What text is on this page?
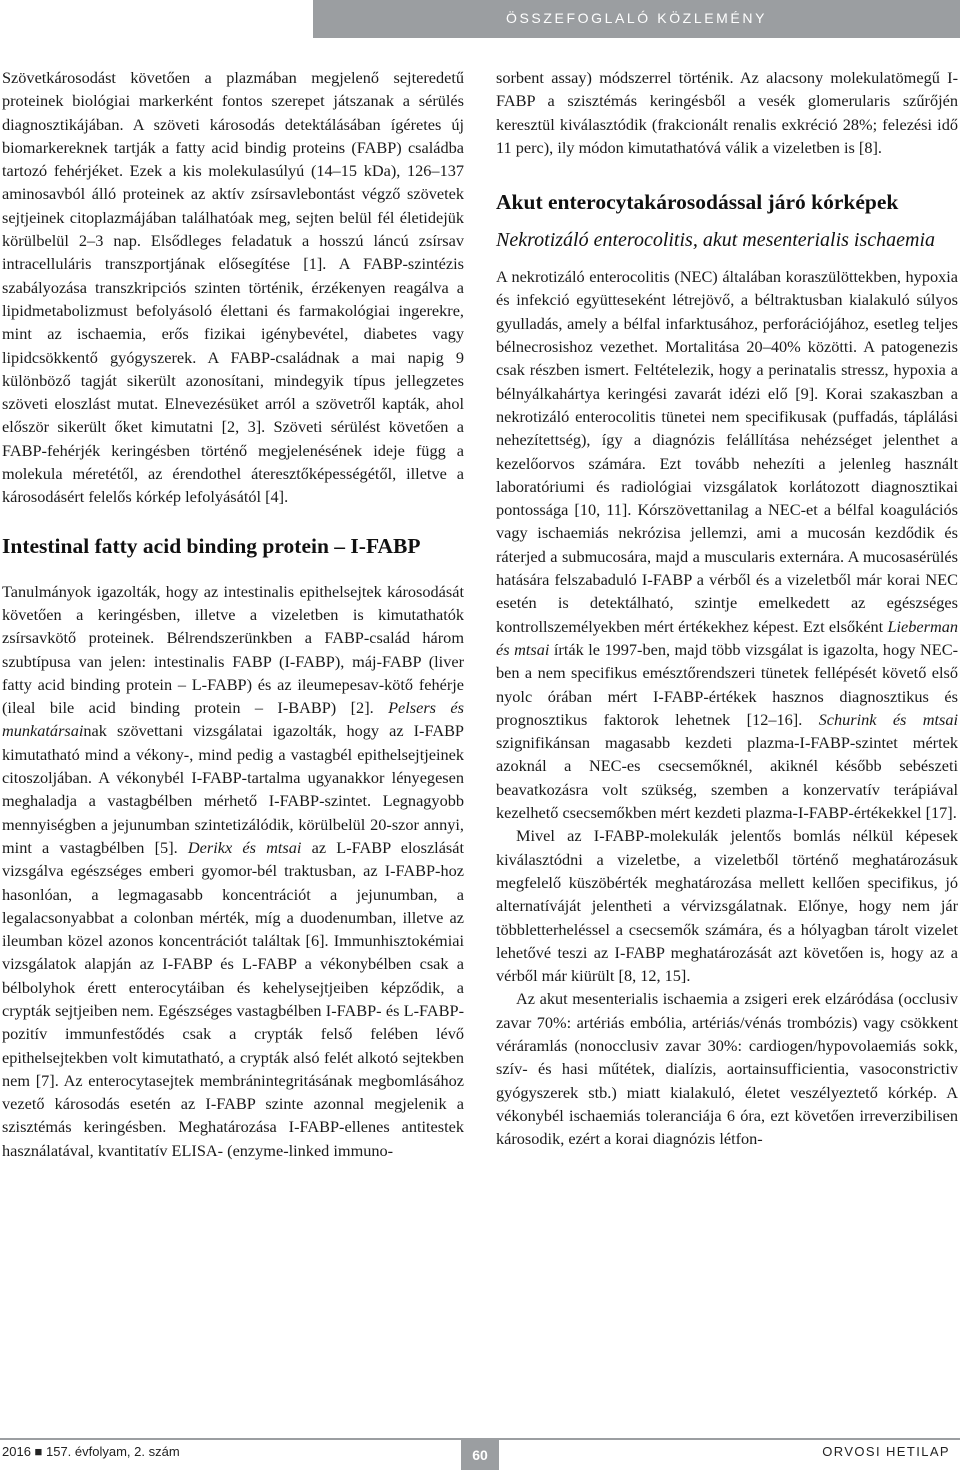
ÖSSZEFOGLALÓ KÖZLEMÉNY

Szövetkárosodást követően a plazmában megjelenő sejteredetű proteinek biológiai markerként fontos szerepet játszanak a sérülés diagnosztikájában. A szöveti károsodás detektálásában ígéretes új biomarkereknek tartják a fatty acid bindig proteins (FABP) családba tartozó fehérjéket. Ezek a kis molekulasúlyú (14–15 kDa), 126–137 aminosavból álló proteinek az aktív zsírsavlebontást végző szövetek sejtjeinek citoplazmájában találhatóak meg, sejten belül fél életidejük körülbelül 2–3 nap. Elsődleges feladatuk a hosszú láncú zsírsav intracelluláris transzportjának elősegítése [1]. A FABP-szintézis szabályozása transzkripciós szinten történik, érzékenyen reagálva a lipidmetabolizmust befolyásoló élettani és farmakológiai ingerekre, mint az ischaemia, erős fizikai igénybevétel, diabetes vagy lipidcsökkentő gyógyszerek. A FABP-családnak a mai napig 9 különböző tagját sikerült azonosítani, mindegyik típus jellegzetes szöveti eloszlást mutat. Elnevezésüket arról a szövetről kapták, ahol először sikerült őket kimutatni [2, 3]. Szöveti sérülést követően a FABP-fehérjék keringésben történő megjelenésének ideje függ a molekula méretétől, az érendothel áteresztőképességétől, illetve a károsodásért felelős kórkép lefolyásától [4].

Intestinal fatty acid binding protein – I-FABP

Tanulmányok igazolták, hogy az intestinalis epithelsejtek károsodását követően a keringésben, illetve a vizeletben is kimutathatók zsírsavkötő proteinek. Bélrendszerünkben a FABP-család három szubtípusa van jelen: intestinalis FABP (I-FABP), máj-FABP (liver fatty acid binding protein – L-FABP) és az ileumepesav-kötő fehérje (ileal bile acid binding protein – I-BABP) [2]. Pelsers és munkatársainak szövettani vizsgálatai igazolták, hogy az I-FABP kimutatható mind a vékony-, mind pedig a vastagbél epithelsejtjeinek citoszoljában. A vékonybél I-FABP-tartalma ugyanakkor lényegesen meghaladja a vastagbélben mérhető I-FABP-szintet. Legnagyobb mennyiségben a jejunumban szintetizálódik, körülbelül 20-szor annyi, mint a vastagbélben [5]. Derikx és mtsai az L-FABP eloszlását vizsgálva egészséges emberi gyomor-bél traktusban, az I-FABP-hoz hasonlóan, a legmagasabb koncentrációt a jejunumban, a legalacsonyabbat a colonban mérték, míg a duodenumban, illetve az ileumban közel azonos koncentrációt találtak [6]. Immunhisztokémiai vizsgálatok alapján az I-FABP és L-FABP a vékonybélben csak a bélbolyhok érett enterocytáiban és kehelysejtjeiben képződik, a crypták sejtjeiben nem. Egészséges vastagbélben I-FABP- és L-FABP-pozitív immunfestődés csak a crypták felső felében lévő epithelsejtekben volt kimutatható, a crypták alsó felét alkotó sejtekben nem [7]. Az enterocytasejtek membránintegritásának megbomlásához vezető károsodás esetén az I-FABP szinte azonnal megjelenik a szisztémás keringésben. Meghatározása I-FABP-ellenes antitestek használatával, kvantitatív ELISA- (enzyme-linked immuno-

sorbent assay) módszerrel történik. Az alacsony molekulatömegű I-FABP a szisztémás keringésből a vesék glomerularis szűrőjén keresztül kiválasztódik (frakcionált renalis exkréció 28%; felezési idő 11 perc), ily módon kimutathatóvá válik a vizeletben is [8].

Akut enterocytakárosodással járó kórképek

Nekrotizáló enterocolitis, akut mesenterialis ischaemia

A nekrotizáló enterocolitis (NEC) általában koraszülöttekben, hypoxia és infekció együtteseként létrejövő, a béltraktusban kialakuló súlyos gyulladás, amely a bélfal infarktusához, perforációjához, esetleg teljes bélnecrosishoz vezethet. Mortalitása 20–40% közötti. A patogenezis csak részben ismert. Feltételezik, hogy a perinatalis stressz, hypoxia a bélnyálkahártya keringési zavarát idézi elő [9]. Korai szakaszban a nekrotizáló enterocolitis tünetei nem specifikusak (puffadás, táplálási nehezítettség), így a diagnózis felállítása nehézséget jelenthet a kezelőorvos számára. Ezt tovább nehezíti a jelenleg használt laboratóriumi és radiológiai vizsgálatok korlátozott diagnosztikai pontossága [10, 11]. Kórszövettanilag a NEC-et a bélfal koagulációs vagy ischaemiás nekrózisa jellemzi, ami a mucosán kezdődik és ráterjed a submucosára, majd a muscularis externára. A mucosasérülés hatására felszabaduló I-FABP a vérből és a vizeletből már korai NEC esetén is detektálható, szintje emelkedett az egészséges kontrollszemélyekben mért értékekhez képest. Ezt elsőként Lieberman és mtsai írták le 1997-ben, majd több vizsgálat is igazolta, hogy NEC-ben a nem specifikus emésztőrendszeri tünetek fellépését követő első nyolc órában mért I-FABP-értékek hasznos diagnosztikus és prognosztikus faktorok lehetnek [12–16]. Schurink és mtsai szignifikánsan magasabb kezdeti plazma-I-FABP-szintet mértek azoknál a NEC-es csecsemőknél, akiknél később sebészeti beavatkozásra volt szükség, szemben a konzervatív terápiával kezelhető csecsemőkben mért kezdeti plazma-I-FABP-értékekkel [17].

Mivel az I-FABP-molekulák jelentős bomlás nélkül képesek kiválasztódni a vizeletbe, a vizeletből történő meghatározásuk megfelelő küszöbérték meghatározása mellett kellően specifikus, jó alternatíváját jelentheti a vérvizsgálatnak. Előnye, hogy nem jár többletterheléssel a csecsemők számára, és a hólyagban tárolt vizelet lehetővé teszi az I-FABP meghatározását azt követően is, hogy az a vérből már kiürült [8, 12, 15].

Az akut mesenterialis ischaemia a zsigeri erek elzáródása (occlusiv zavar 70%: artériás embólia, artériás/vénás trombózis) vagy csökkent véráramlás (nonocclusiv zavar 30%: cardiogen/hypovolaemiás sokk, szív- és hasi műtétek, dialízis, aortainsufficientia, vasoconstrictiv gyógyszerek stb.) miatt kialakuló, életet veszélyeztető kórkép. A vékonybél ischaemiás toleranciája 6 óra, ezt követően irreverzibilisen károsodik, ezért a korai diagnózis létfon-

2016 ■ 157. évfolyam, 2. szám	60	ORVOSI HETILAP
